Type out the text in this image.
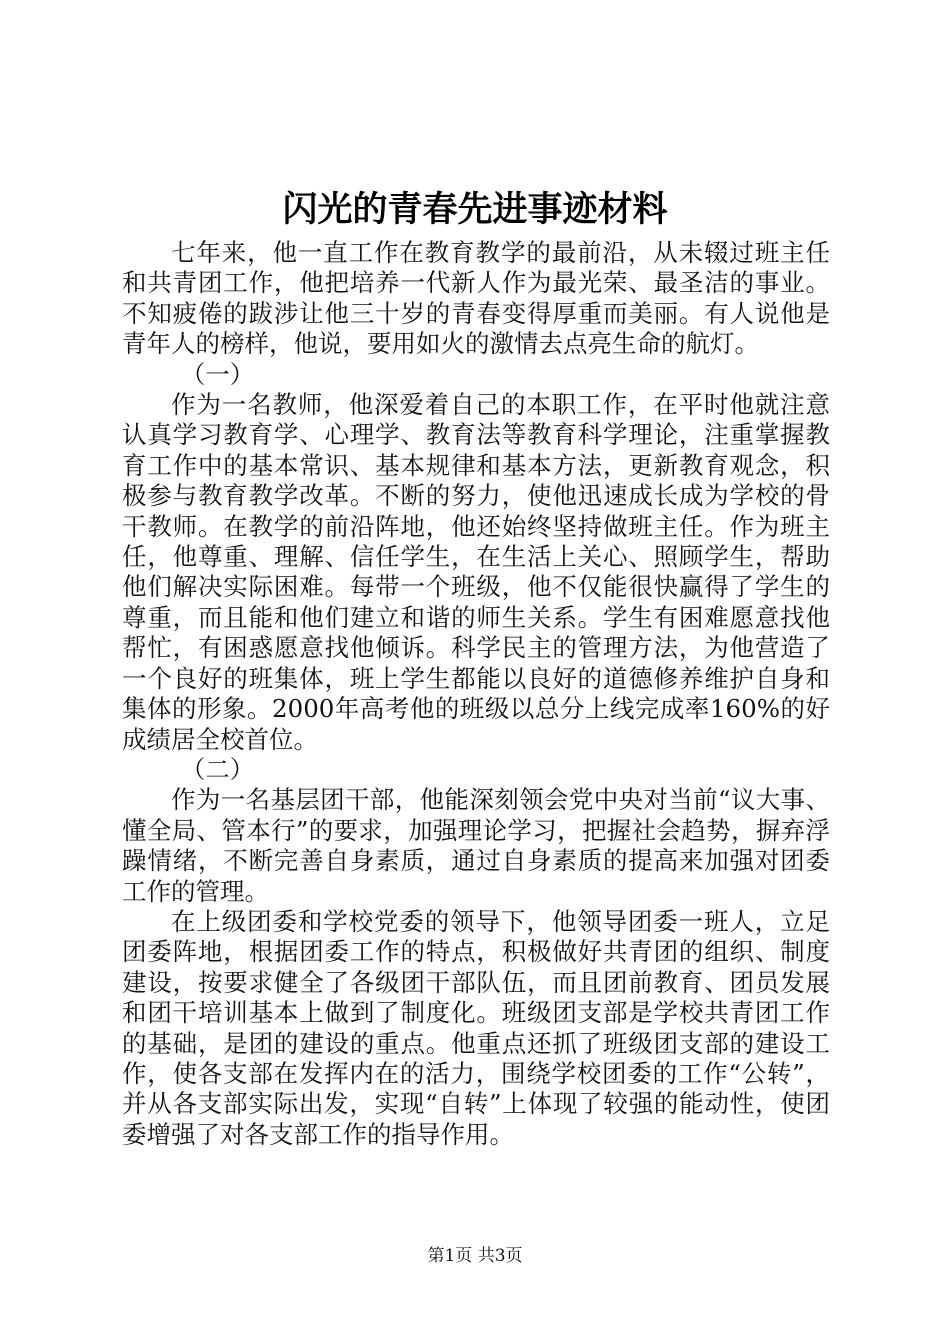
闪光的青春先进事迹材料

七年来，他一直工作在教育教学的最前沿，从未辍过班主任和共青团工作，他把培养一代新人作为最光荣、最圣洁的事业。不知疲倦的跋涉让他三十岁的青春变得厚重而美丽。有人说他是青年人的榜样，他说，要用如火的激情去点亮生命的航灯。

（一）

作为一名教师，他深爱着自己的本职工作，在平时他就注意认真学习教育学、心理学、教育法等教育科学理论，注重掌握教育工作中的基本常识、基本规律和基本方法，更新教育观念，积极参与教育教学改革。不断的努力，使他迅速成长成为学校的骨干教师。在教学的前沿阵地，他还始终坚持做班主任。作为班主任，他尊重、理解、信任学生，在生活上关心、照顾学生，帮助他们解决实际困难。每带一个班级，他不仅能很快赢得了学生的尊重，而且能和他们建立和谐的师生关系。学生有困难愿意找他帮忙，有困惑愿意找他倾诉。科学民主的管理方法，为他营造了一个良好的班集体，班上学生都能以良好的道德修养维护自身和集体的形象。2000年高考他的班级以总分上线完成率160%的好成绩居全校首位。

（二）

作为一名基层团干部，他能深刻领会党中央对当前“议大事、懂全局、管本行”的要求，加强理论学习，把握社会趋势，摒弃浮躁情绪，不断完善自身素质，通过自身素质的提高来加强对团委工作的管理。

在上级团委和学校党委的领导下，他领导团委一班人，立足团委阵地，根据团委工作的特点，积极做好共青团的组织、制度建设，按要求健全了各级团干部队伍，而且团前教育、团员发展和团干培训基本上做到了制度化。班级团支部是学校共青团工作的基础，是团的建设的重点。他重点还抓了班级团支部的建设工作，使各支部在发挥内在的活力，围绕学校团委的工作“公转”，并从各支部实际出发，实现“自转”上体现了较强的能动性，使团委增强了对各支部工作的指导作用。

第1页 共3页
